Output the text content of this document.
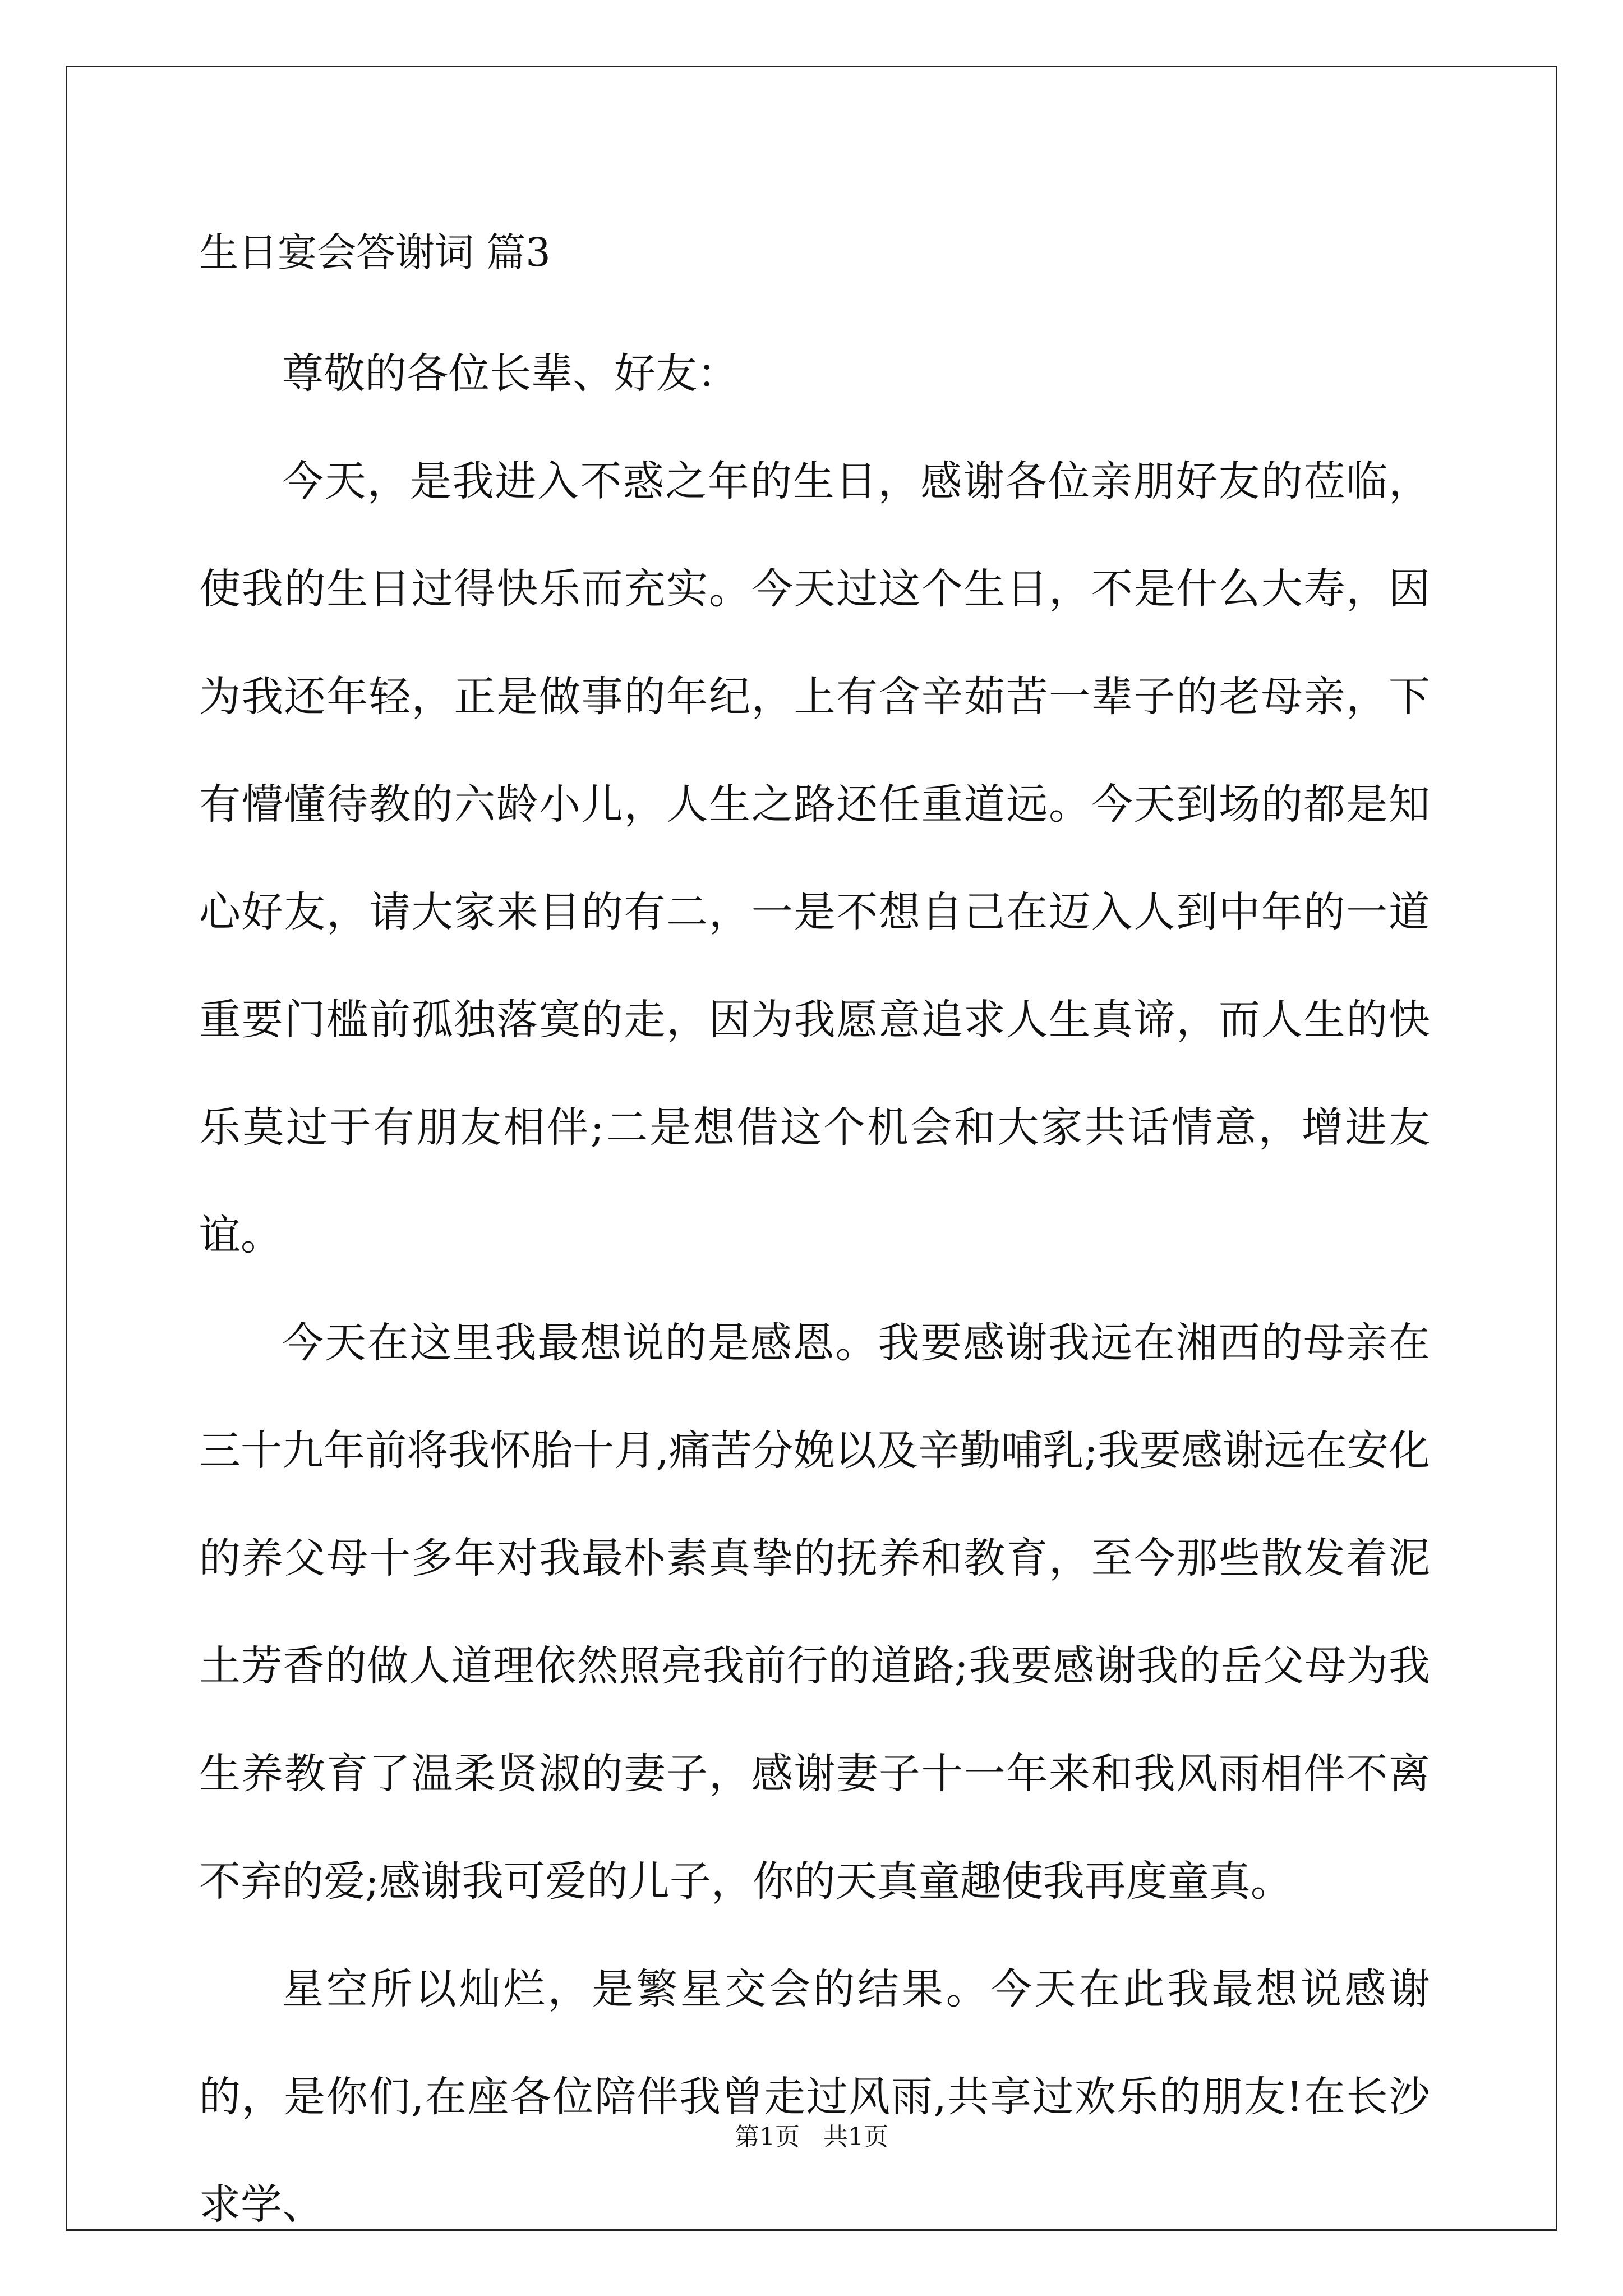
生日宴会答谢词 篇3

尊敬的各位长辈、好友：

今天，是我进入不惑之年的生日，感谢各位亲朋好友的莅临，使我的生日过得快乐而充实。今天过这个生日，不是什么大寿，因为我还年轻，正是做事的年纪，上有含辛茹苦一辈子的老母亲，下有懵懂待教的六龄小儿，人生之路还任重道远。今天到场的都是知心好友，请大家来目的有二，一是不想自己在迈入人到中年的一道重要门槛前孤独落寞的走，因为我愿意追求人生真谛，而人生的快乐莫过于有朋友相伴;二是想借这个机会和大家共话情意，增进友谊。

今天在这里我最想说的是感恩。我要感谢我远在湘西的母亲在三十九年前将我怀胎十月,痛苦分娩以及辛勤哺乳;我要感谢远在安化的养父母十多年对我最朴素真挚的抚养和教育，至今那些散发着泥土芳香的做人道理依然照亮我前行的道路;我要感谢我的岳父母为我生养教育了温柔贤淑的妻子，感谢妻子十一年来和我风雨相伴不离不弃的爱;感谢我可爱的儿子，你的天真童趣使我再度童真。

星空所以灿烂，是繁星交会的结果。今天在此我最想说感谢的，是你们,在座各位陪伴我曾走过风雨,共享过欢乐的朋友!在长沙求学、

第1页   共1页
